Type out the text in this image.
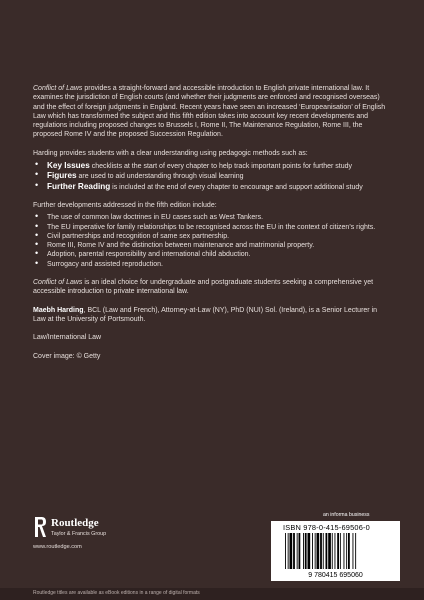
Conflict of Laws provides a straight-forward and accessible introduction to English private international law. It examines the jurisdiction of English courts (and whether their judgments are enforced and recognised overseas) and the effect of foreign judgments in England. Recent years have seen an increased ‘Europeanisation’ of English Law which has transformed the subject and this fifth edition takes into account key recent developments and regulations including proposed changes to Brussels I, Rome II, The Maintenance Regulation, Rome III, the proposed Rome IV and the proposed Succession Regulation.

Harding provides students with a clear understanding using pedagogic methods such as:

• Key Issues checklists at the start of every chapter to help track important points for further study
• Figures are used to aid understanding through visual learning
• Further Reading is included at the end of every chapter to encourage and support additional study

Further developments addressed in the fifth edition include:

• The use of common law doctrines in EU cases such as West Tankers.
• The EU imperative for family relationships to be recognised across the EU in the context of citizen’s rights.
• Civil partnerships and recognition of same sex partnership.
• Rome III, Rome IV and the distinction between maintenance and matrimonial property.
• Adoption, parental responsibility and international child abduction.
• Surrogacy and assisted reproduction.

Conflict of Laws is an ideal choice for undergraduate and postgraduate students seeking a comprehensive yet accessible introduction to private international law.

Maebh Harding, BCL (Law and French), Attorney-at-Law (NY), PhD (NUI) Sol. (Ireland), is a Senior Lecturer in Law at the University of Portsmouth.

Law/International Law

Cover image: © Getty

Routledge
Taylor & Francis Group
www.routledge.com
an informa business
ISBN 978-0-415-69506-0
9 780415 695060
Routledge titles are available as eBook editions in a range of digital formats
